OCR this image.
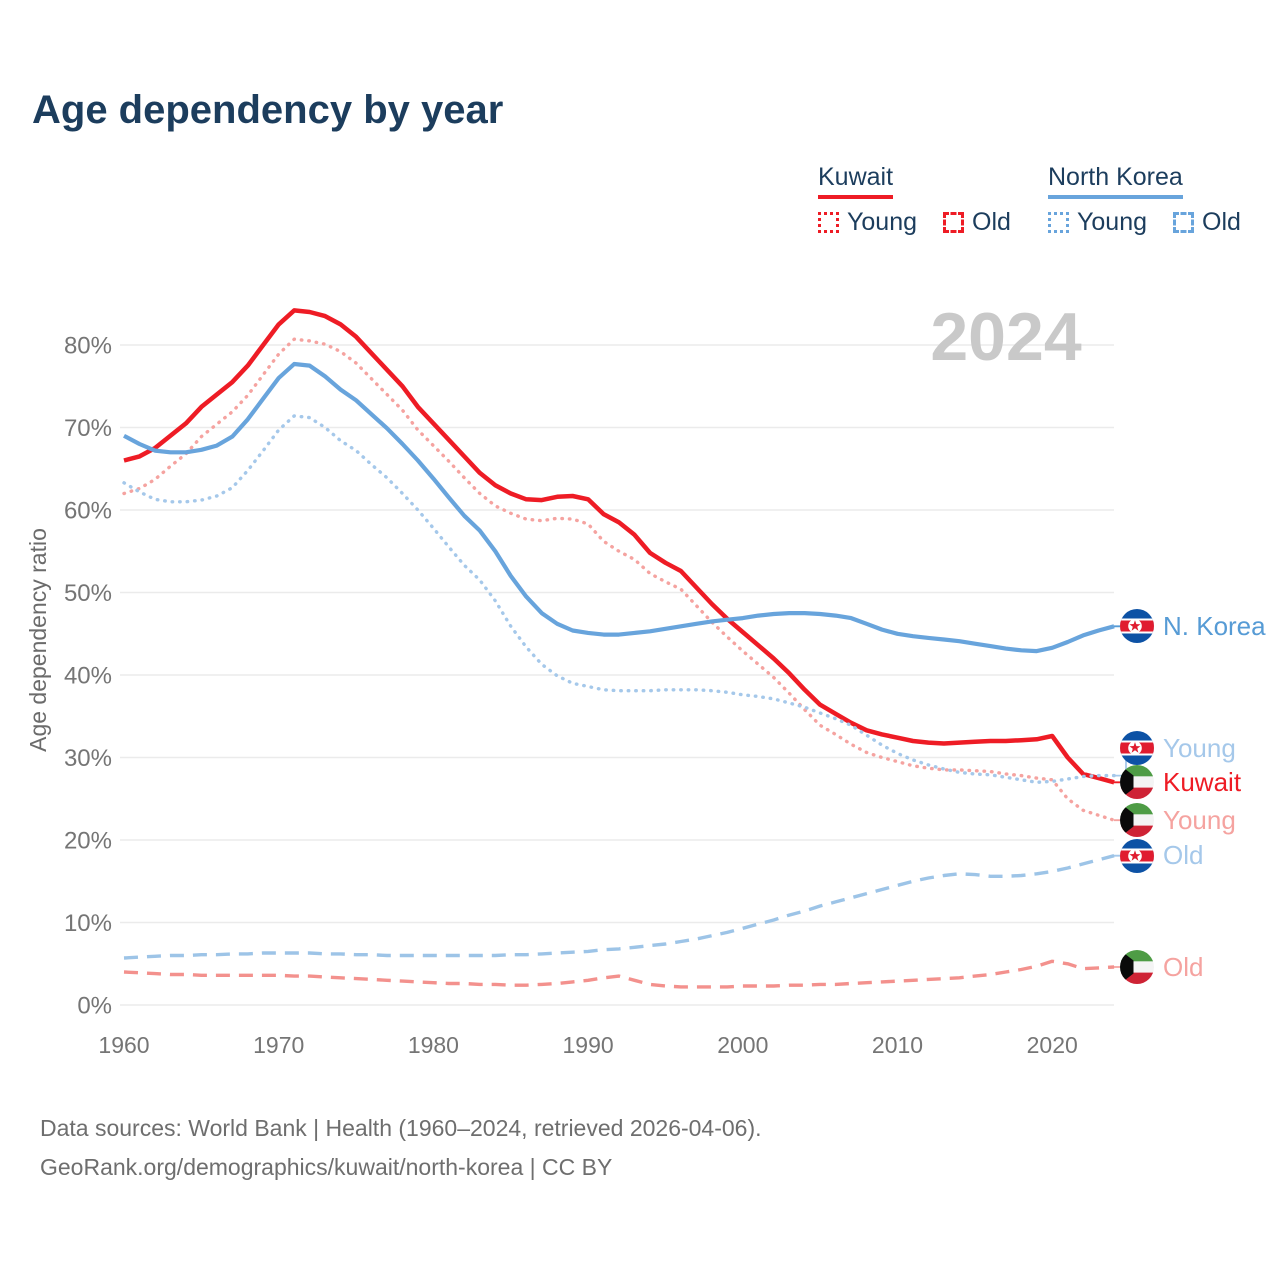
Age dependency by year
Kuwait
Young Old
North Korea
Young Old
0%
10%
20%
30%
40%
50%
60%
70%
80%
1960	1970	1980	1990	2000	2010	2020
Age dependency ratio
2024
N. Korea
Young
Kuwait
Young
Old
Old
Data sources: World Bank | Health (1960–2024, retrieved 2026-04-06).
GeoRank.org/demographics/kuwait/north-korea | CC BY
